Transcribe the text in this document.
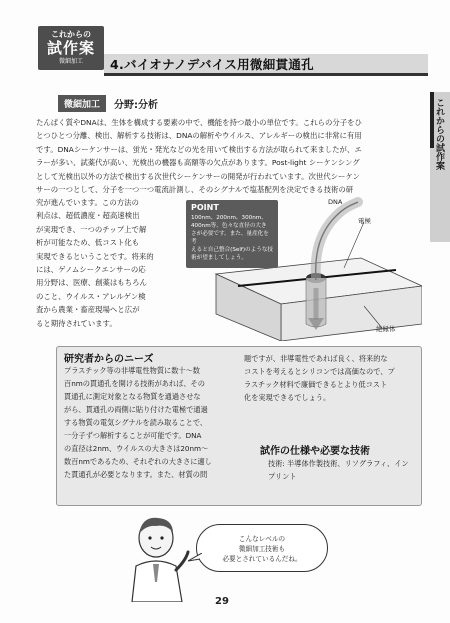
これからの
試作案
微細加工	4.バイオナノデバイス用微細貫通孔
これからの試作案
微細加工	分野:分析
たんぱく質やDNAは、生体を構成する要素の中で、機能を持つ最小の単位です。これらの分子をひ
とつひとつ分離、検出、解析する技術は、DNAの解析やウイルス、アレルギーの検出に非常に有用
です。DNAシーケンサーは、蛍光・発光などの光を用いて検出する方法が取られて来ましたが、エ
ラーが多い、試薬代が高い、光検出の機器も高額等の欠点があります。Post-light シーケンシング
として光検出以外の方法で検出する次世代シーケンサーの開発が行われています。次世代シーケン
サーの一つとして、分子を一つ一つ電流計測し、そのシグナルで塩基配列を決定できる技術の研
究が進んでいます。この方法の
利点は、超低濃度・超高速検出
が実現でき、一つのチップ上で解
析が可能なため、低コスト化も
実現できるということです。将来的
には、ゲノムシークエンサーの応
用分野は、医療、創薬はもちろん
のこと、ウイルス・アレルゲン検
査から農業・畜産現場へと広が
ると期待されています。
DNA
電極
絶縁体
POINT
100nm、200nm、300nm、
400nm等、色々な直径の大き
さが必要です。また、量産化を考
えると自己整合(Self)のような技
術が望ましてしょう。
研究者からのニーズ
プラスチック等の非導電性物質に数十〜数
百nmの貫通孔を開ける技術があれば、その
貫通孔に測定対象となる物質を通過させな
がら、貫通孔の両側に貼り付けた電極で通過
する物質の電気シグナルを読み取ることで、
一分子ずつ解析することが可能です。DNA
の直径は2nm、ウイルスの大きさは20nm〜
数百nmであるため、それぞれの大きさに適し
た貫通孔が必要となります。また、材質の問
題ですが、非導電性であれば良く、将来的な
コストを考えるとシリコンでは高価なので、プ
ラスチック材料で廉価できるとより低コスト
化を実現できるでしょう。
試作の仕様や必要な技術
技術: 半導体作製技術、リソグラフィ、イン
プリント
こんなレベルの
微細加工技術も
必要とされているんだね。
29
